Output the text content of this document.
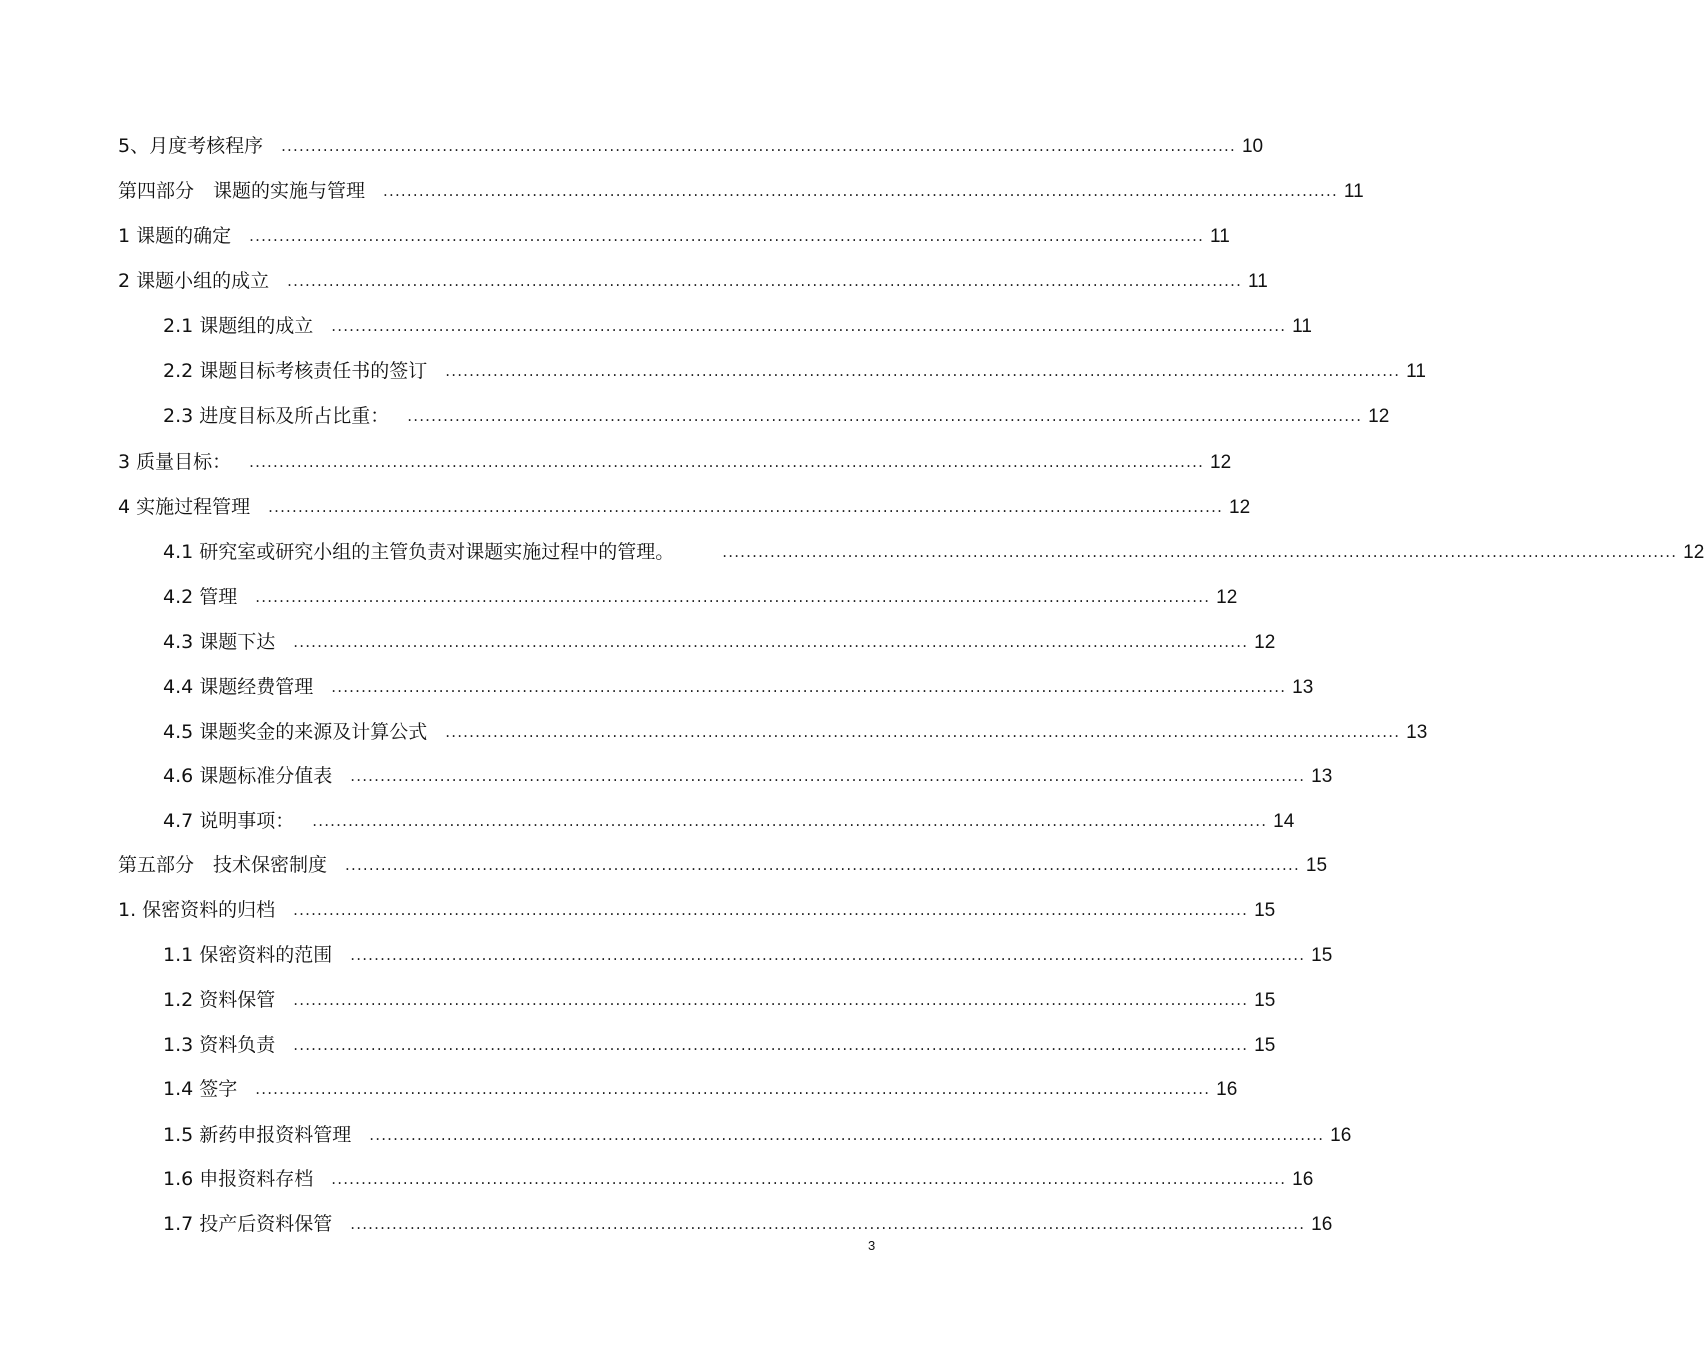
5、月度考核程序 ................................................................................................................................................................ 10
第四部分　课题的实施与管理 ................................................................................................................................................................ 11
1 课题的确定 ................................................................................................................................................................ 11
2 课题小组的成立 ................................................................................................................................................................ 11
2.1 课题组的成立 ................................................................................................................................................................ 11
2.2 课题目标考核责任书的签订 ................................................................................................................................................................ 11
2.3 进度目标及所占比重： ................................................................................................................................................................ 12
3 质量目标： ................................................................................................................................................................ 12
4 实施过程管理 ................................................................................................................................................................ 12
4.1 研究室或研究小组的主管负责对课题实施过程中的管理。	................................................................................................................................................................ 12
4.2 管理 ................................................................................................................................................................ 12
4.3 课题下达 ................................................................................................................................................................ 12
4.4 课题经费管理 ................................................................................................................................................................ 13
4.5 课题奖金的来源及计算公式 ................................................................................................................................................................ 13
4.6 课题标准分值表 ................................................................................................................................................................ 13
4.7 说明事项： ................................................................................................................................................................ 14
第五部分　技术保密制度 ................................................................................................................................................................ 15
1. 保密资料的归档 ................................................................................................................................................................ 15
1.1 保密资料的范围 ................................................................................................................................................................ 15
1.2 资料保管 ................................................................................................................................................................ 15
1.3 资料负责 ................................................................................................................................................................ 15
1.4 签字 ................................................................................................................................................................ 16
1.5 新药申报资料管理 ................................................................................................................................................................ 16
1.6 申报资料存档 ................................................................................................................................................................ 16
1.7 投产后资料保管 ................................................................................................................................................................ 16
3
